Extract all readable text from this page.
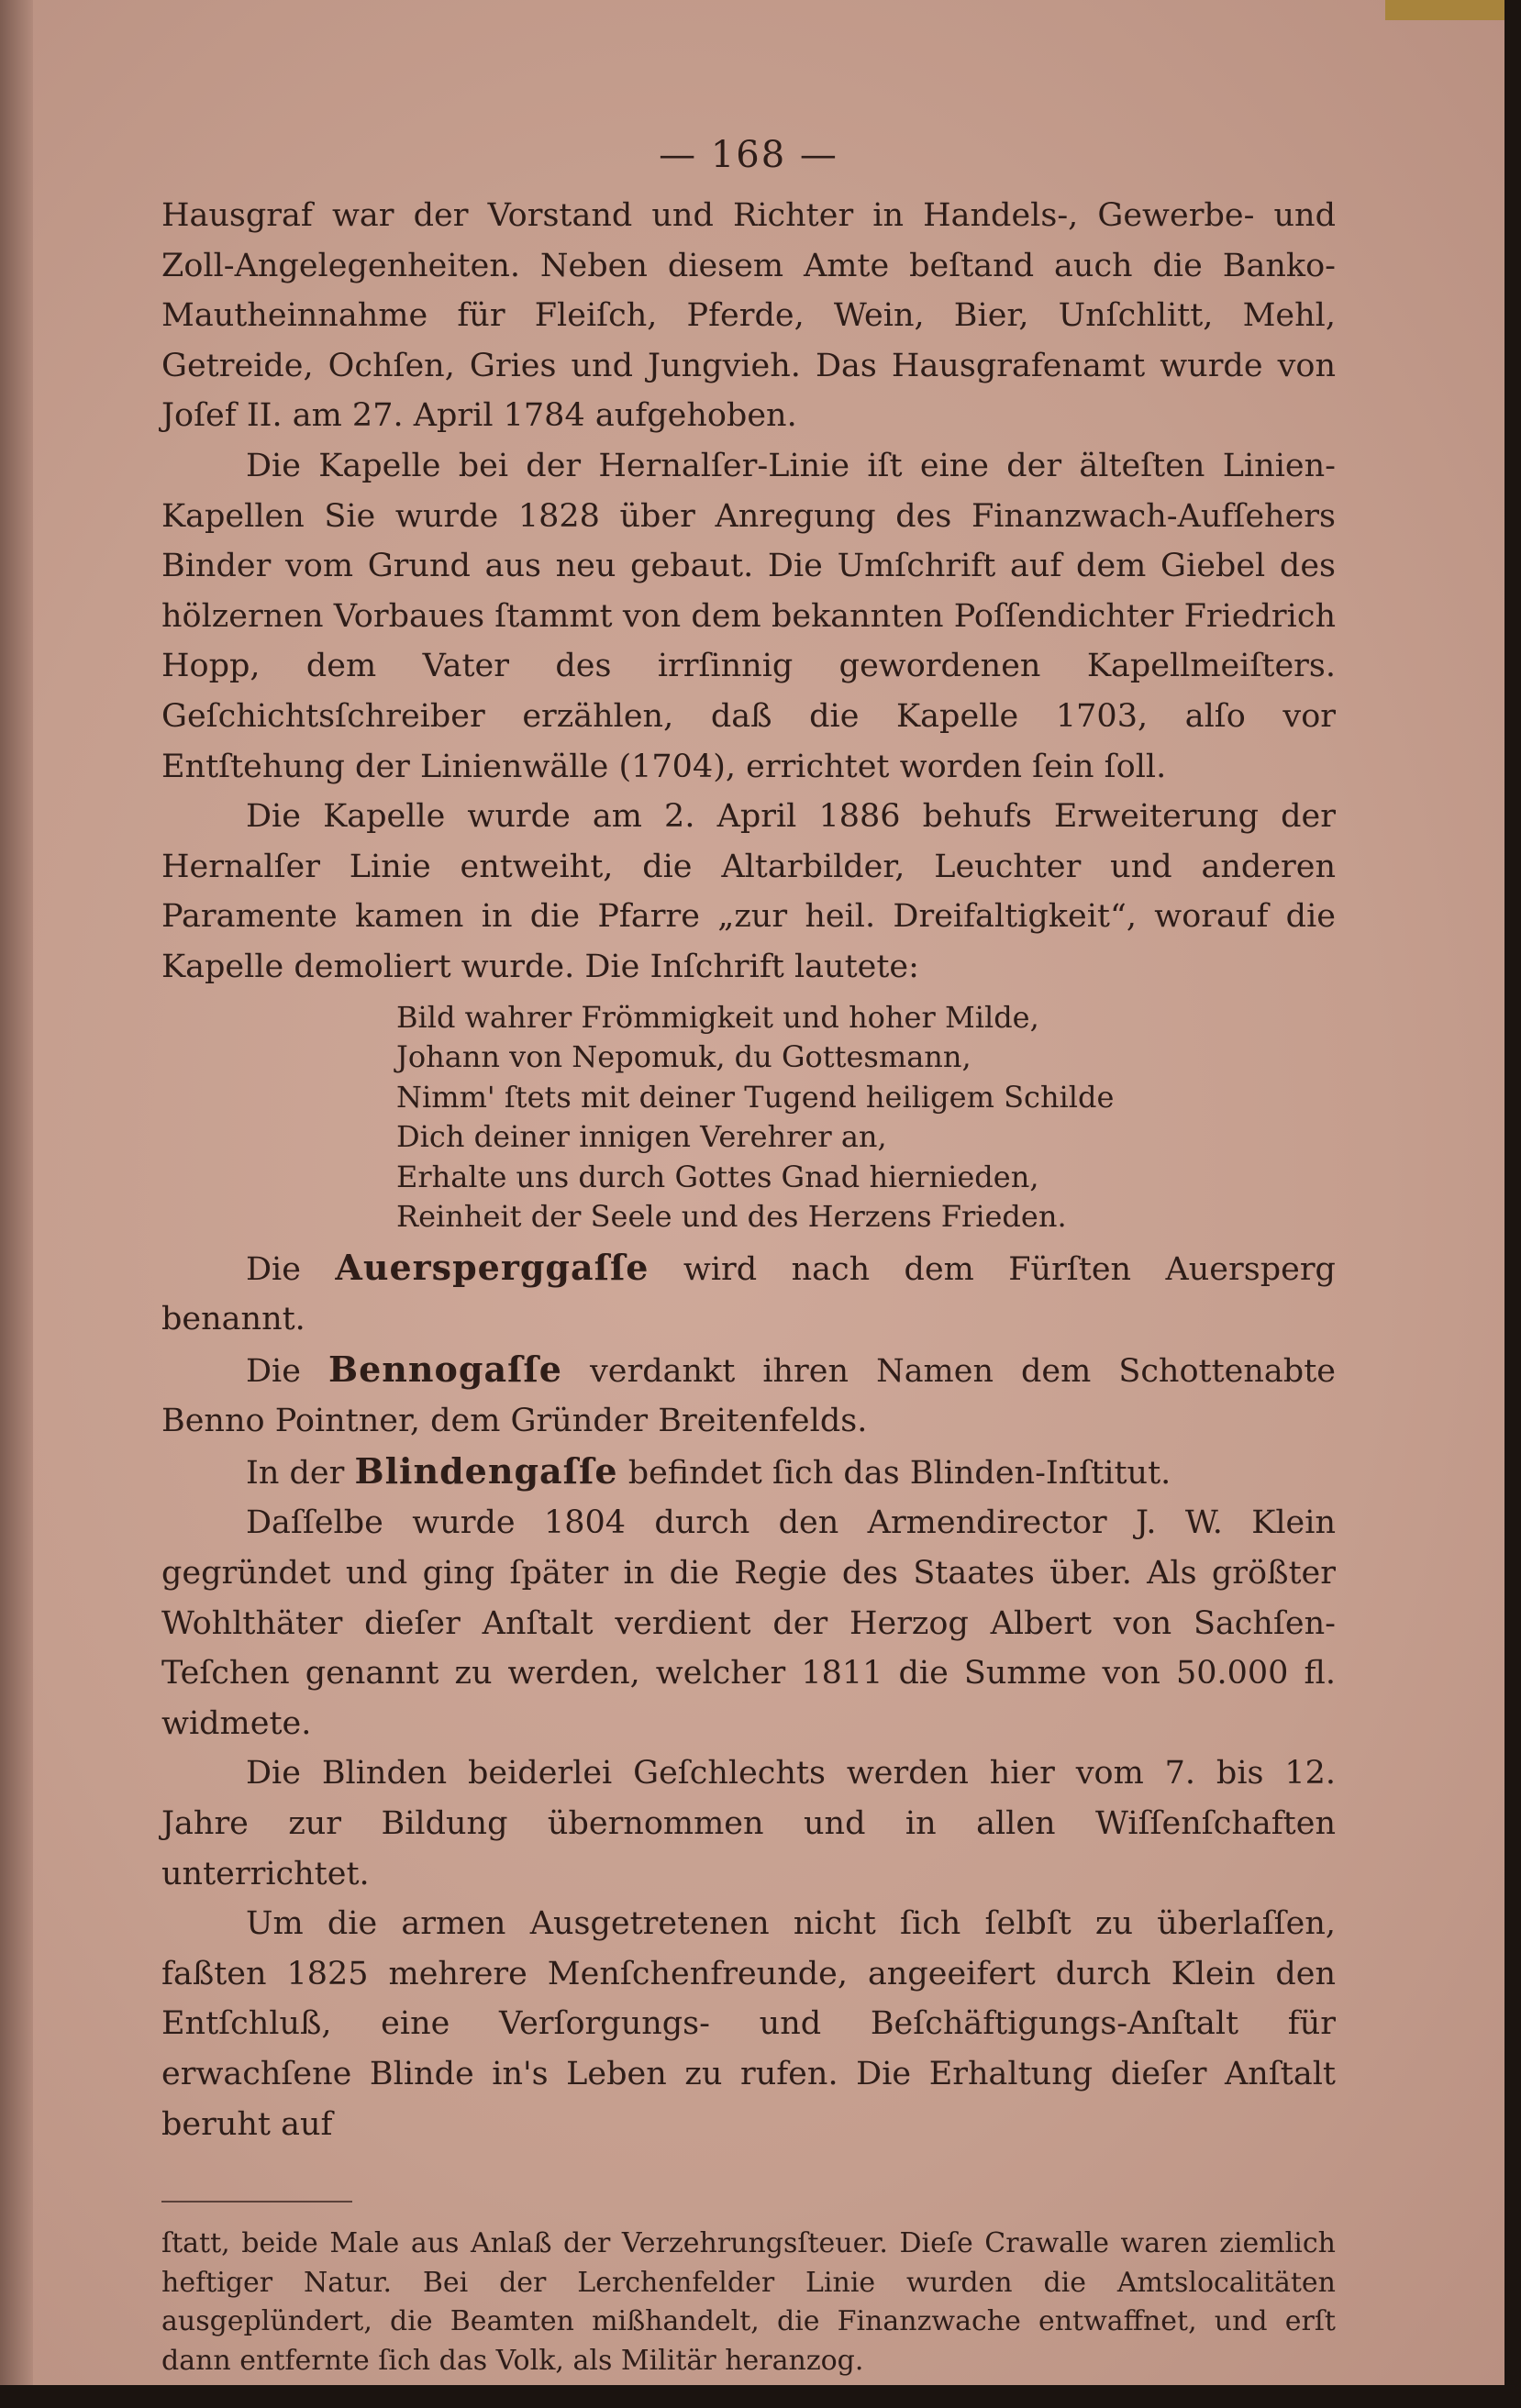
— 168 —

Hausgraf war der Vorstand und Richter in Handels-, Gewerbe- und Zoll-Angelegenheiten. Neben diesem Amte beſtand auch die Banko-Mautheinnahme für Fleiſch, Pferde, Wein, Bier, Unſchlitt, Mehl, Getreide, Ochſen, Gries und Jungvieh. Das Hausgrafenamt wurde von Joſef II. am 27. April 1784 aufgehoben.

Die Kapelle bei der Hernalſer-Linie iſt eine der älteſten Linien-Kapellen Sie wurde 1828 über Anregung des Finanzwach-Aufſehers Binder vom Grund aus neu gebaut. Die Umſchrift auf dem Giebel des hölzernen Vorbaues ſtammt von dem bekannten Poſſendichter Friedrich Hopp, dem Vater des irrſinnig gewordenen Kapellmeiſters. Geſchichtsſchreiber erzählen, daß die Kapelle 1703, alſo vor Entſtehung der Linienwälle (1704), errichtet worden ſein ſoll.

Die Kapelle wurde am 2. April 1886 behufs Erweiterung der Hernalſer Linie entweiht, die Altarbilder, Leuchter und anderen Paramente kamen in die Pfarre „zur heil. Dreifaltigkeit“, worauf die Kapelle demoliert wurde. Die Inſchrift lautete:

Bild wahrer Frömmigkeit und hoher Milde,
Johann von Nepomuk, du Gottesmann,
Nimm' ſtets mit deiner Tugend heiligem Schilde
Dich deiner innigen Verehrer an,
Erhalte uns durch Gottes Gnad hiernieden,
Reinheit der Seele und des Herzens Frieden.

Die Auersperggaſſe wird nach dem Fürſten Auersperg benannt.

Die Bennogaſſe verdankt ihren Namen dem Schottenabte Benno Pointner, dem Gründer Breitenfelds.

In der Blindengaſſe befindet ſich das Blinden-Inſtitut.

Daſſelbe wurde 1804 durch den Armendirector J. W. Klein gegründet und ging ſpäter in die Regie des Staates über. Als größter Wohlthäter dieſer Anſtalt verdient der Herzog Albert von Sachſen-Teſchen genannt zu werden, welcher 1811 die Summe von 50.000 fl. widmete.

Die Blinden beiderlei Geſchlechts werden hier vom 7. bis 12. Jahre zur Bildung übernommen und in allen Wiſſenſchaften unterrichtet.

Um die armen Ausgetretenen nicht ſich ſelbſt zu überlaſſen, faßten 1825 mehrere Menſchenfreunde, angeeifert durch Klein den Entſchluß, eine Verſorgungs- und Beſchäftigungs-Anſtalt für erwachſene Blinde in's Leben zu rufen. Die Erhaltung dieſer Anſtalt beruht auf

ſtatt, beide Male aus Anlaß der Verzehrungsſteuer. Dieſe Crawalle waren ziemlich heftiger Natur. Bei der Lerchenfelder Linie wurden die Amtslocalitäten ausgeplündert, die Beamten mißhandelt, die Finanzwache entwaffnet, und erſt dann entfernte ſich das Volk, als Militär heranzog.
